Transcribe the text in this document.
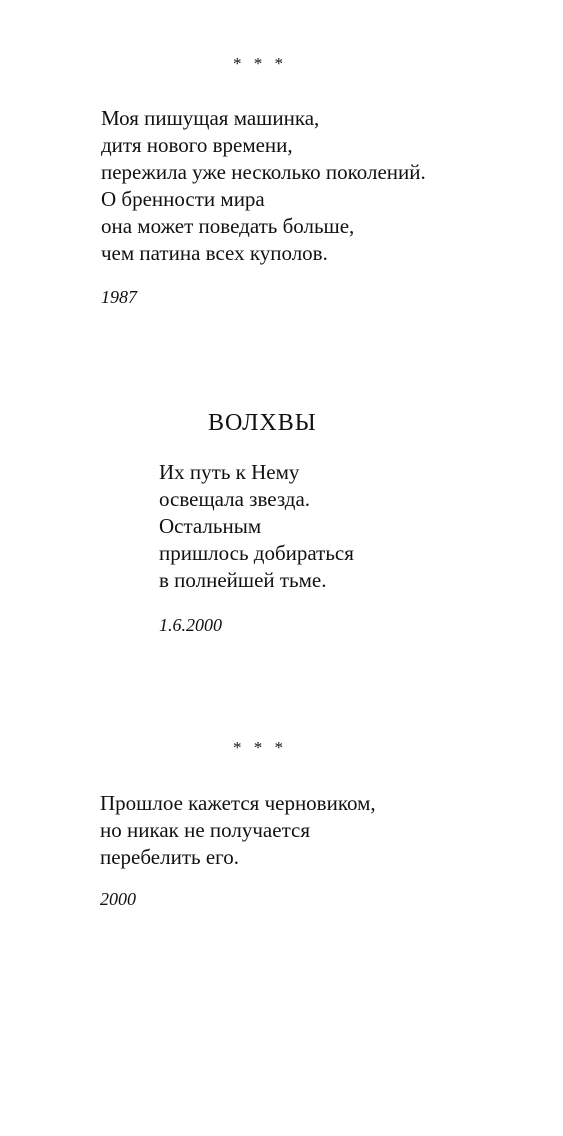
* * *
Моя пишущая машинка,
дитя нового времени,
пережила уже несколько поколений.
О бренности мира
она может поведать больше,
чем патина всех куполов.
1987
ВОЛХВЫ
Их путь к Нему
освещала звезда.
Остальным
пришлось добираться
в полнейшей тьме.
1.6.2000
* * *
Прошлое кажется черновиком,
но никак не получается
перебелить его.
2000
